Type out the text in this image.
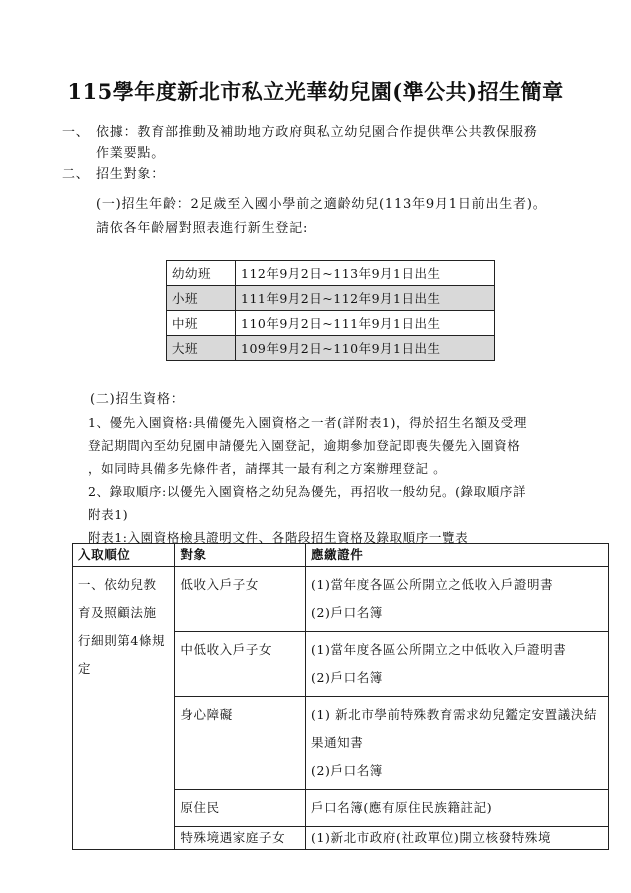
115學年度新北市私立光華幼兒園(準公共)招生簡章
一、 依據：教育部推動及補助地方政府與私立幼兒園合作提供準公共教保服務
作業要點。
二、 招生對象：
(一)招生年齡：2足歲至入國小學前之適齡幼兒(113年9月1日前出生者)。
請依各年齡層對照表進行新生登記:
幼幼班	112年9月2日~113年9月1日出生
小班	111年9月2日~112年9月1日出生
中班	110年9月2日~111年9月1日出生
大班	109年9月2日~110年9月1日出生
(二)招生資格：
1、優先入園資格:具備優先入園資格之一者(詳附表1)，得於招生名額及受理
登記期間內至幼兒園申請優先入園登記，逾期參加登記即喪失優先入園資格
，如同時具備多先條件者，請擇其一最有利之方案辦理登記 。
2、錄取順序:以優先入園資格之幼兒為優先，再招收一般幼兒。(錄取順序詳
附表1)
附表1:入園資格檢具證明文件、各階段招生資格及錄取順序一覽表
入取順位	對象	應繳證件
一、依幼兒教育及照顧法施行細則第4條規定	低收入戶子女	(1)當年度各區公所開立之低收入戶證明書
(2)戶口名簿

	中低收入戶子女	(1)當年度各區公所開立之中低收入戶證明書
(2)戶口名簿

	身心障礙	(1) 新北市學前特殊教育需求幼兒鑑定安置議決結果通知書
(2)戶口名簿

	原住民	戶口名簿(應有原住民族籍註記)

	特殊境遇家庭子女	(1)新北市政府(社政單位)開立核發特殊境
